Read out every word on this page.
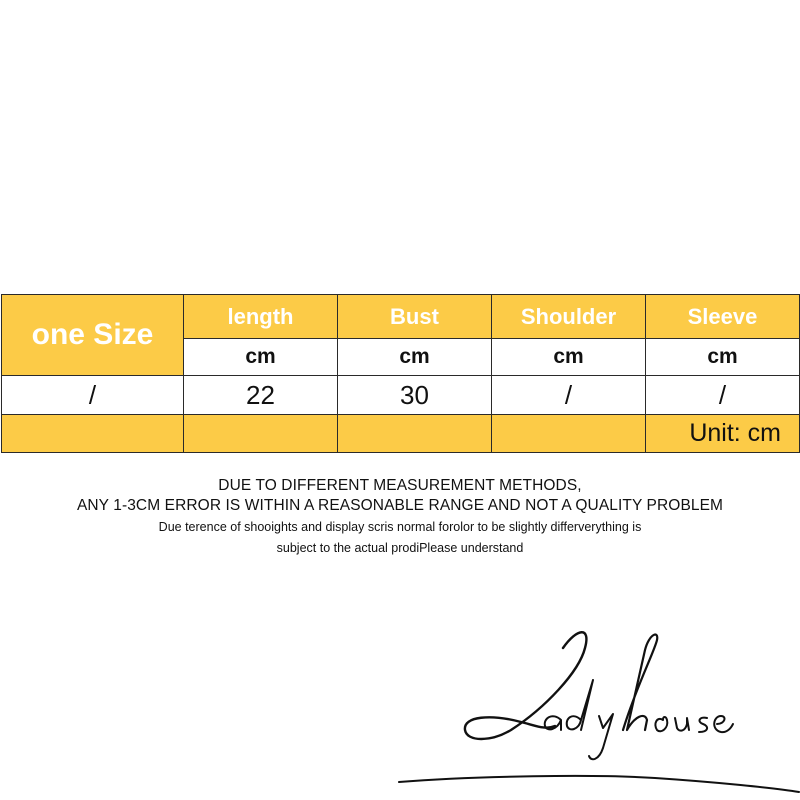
one Size	length	Bust	Shoulder	Sleeve
	cm	cm	cm	cm
/	22	30	/	/
				Unit: cm
DUE TO DIFFERENT MEASUREMENT METHODS,
ANY 1-3CM ERROR IS WITHIN A REASONABLE RANGE AND NOT A QUALITY PROBLEM
Due terence of shooights and display scris normal forolor to be slightly differverything is
subject to the actual prodiPlease understand
